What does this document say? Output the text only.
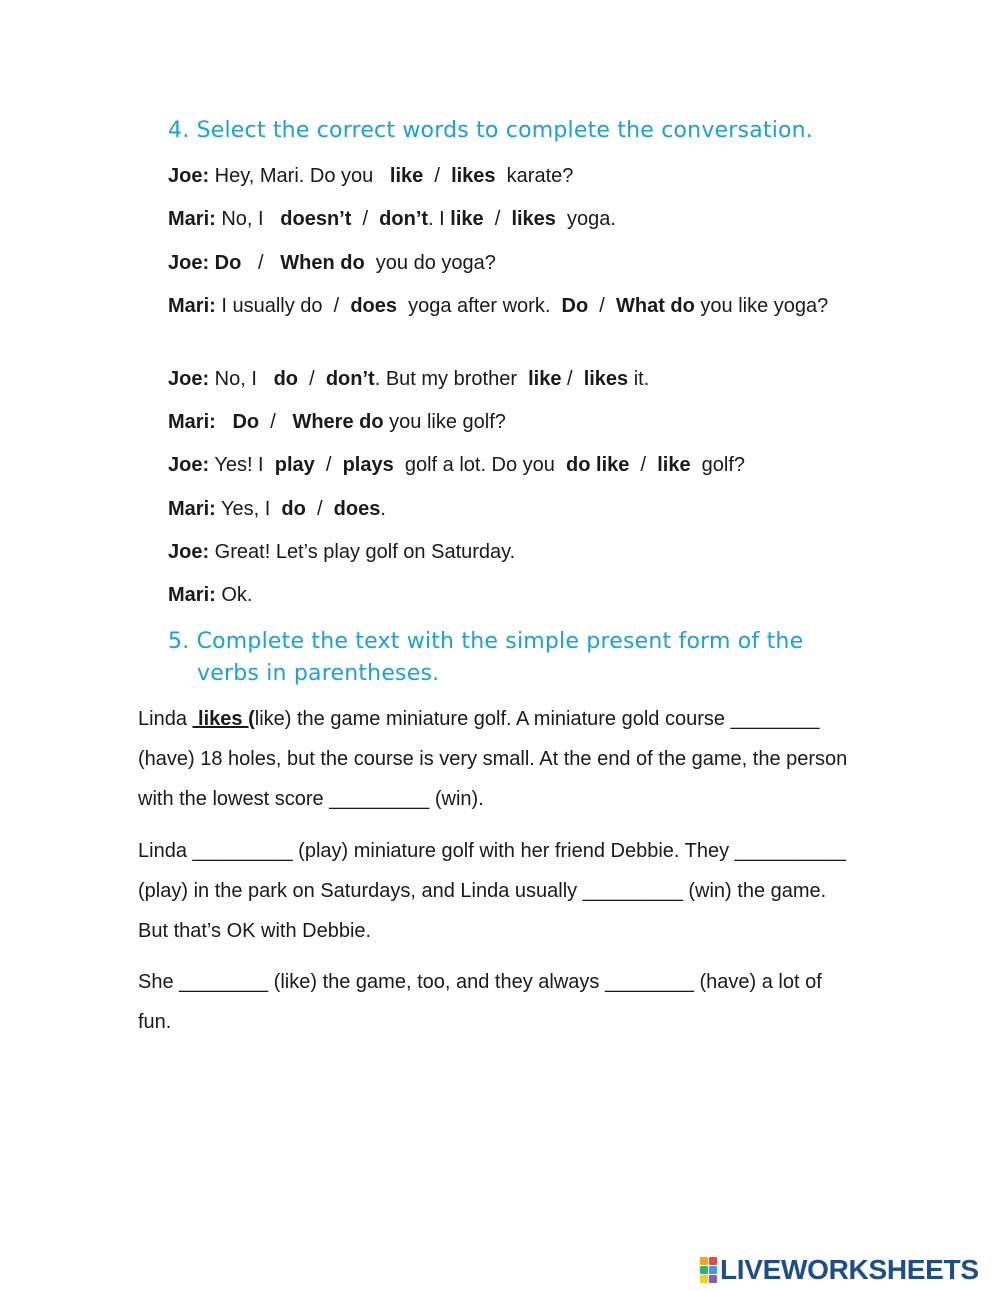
4. Select the correct words to complete the conversation.
Joe: Hey, Mari. Do you   like  /  likes  karate?
Mari: No, I   doesn’t  /  don’t. I like  /  likes  yoga.
Joe: Do   /   When do  you do yoga?
Mari: I usually do  /  does  yoga after work.  Do  /  What do you like yoga?
Joe: No, I   do  /  don’t. But my brother  like /  likes it.
Mari:   Do  /   Where do you like golf?
Joe: Yes! I  play  /  plays  golf a lot. Do you  do like  /  like  golf?
Mari: Yes, I  do  /  does.
Joe: Great! Let’s play golf on Saturday.
Mari: Ok.
5. Complete the text with the simple present form of the
verbs in parentheses.
Linda  likes (like) the game miniature golf. A miniature gold course ________ (have) 18 holes, but the course is very small. At the end of the game, the person with the lowest score _________ (win).
Linda _________ (play) miniature golf with her friend Debbie. They __________ (play) in the park on Saturdays, and Linda usually _________ (win) the game. But that’s OK with Debbie.
She ________ (like) the game, too, and they always ________ (have) a lot of fun.
LIVEWORKSHEETS
